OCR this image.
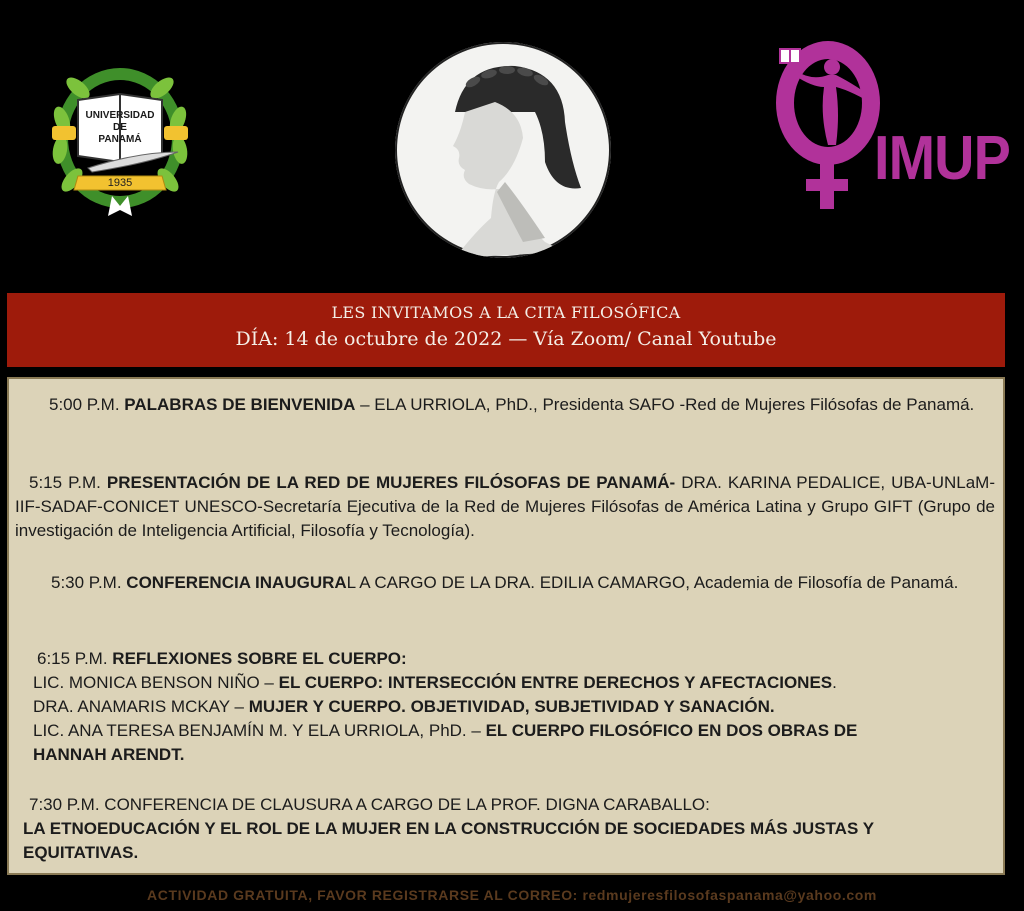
UNIVERSIDAD
DE
PANAMÁ
1935	IMUP
LES INVITAMOS A LA CITA FILOSÓFICA
DÍA: 14 de octubre de 2022 — Vía Zoom/ Canal Youtube

5:00 P.M. PALABRAS DE BIENVENIDA – ELA URRIOLA, PhD., Presidenta SAFO -Red de Mujeres Filósofas de Panamá.

5:15 P.M. PRESENTACIÓN DE LA RED DE MUJERES FILÓSOFAS DE PANAMÁ- DRA. KARINA PEDALICE, UBA-UNLaM-IIF-SADAF-CONICET UNESCO-Secretaría Ejecutiva de la Red de Mujeres Filósofas de América Latina y Grupo GIFT (Grupo de investigación de Inteligencia Artificial, Filosofía y Tecnología).

5:30 P.M. CONFERENCIA INAUGURAL A CARGO DE LA DRA. EDILIA CAMARGO, Academia de Filosofía de Panamá.

6:15 P.M. REFLEXIONES SOBRE EL CUERPO:

LIC. MONICA BENSON NIÑO – EL CUERPO: INTERSECCIÓN ENTRE DERECHOS Y AFECTACIONES.

DRA. ANAMARIS MCKAY – MUJER Y CUERPO. OBJETIVIDAD, SUBJETIVIDAD Y SANACIÓN.

LIC. ANA TERESA BENJAMÍN M. Y ELA URRIOLA, PhD. – EL CUERPO FILOSÓFICO EN DOS OBRAS DE HANNAH ARENDT.

7:30 P.M. CONFERENCIA DE CLAUSURA A CARGO DE LA PROF. DIGNA CARABALLO:

LA ETNOEDUCACIÓN Y EL ROL DE LA MUJER EN LA CONSTRUCCIÓN DE SOCIEDADES MÁS JUSTAS Y EQUITATIVAS.

ACTIVIDAD GRATUITA, FAVOR REGISTRARSE AL CORREO: redmujeresfilosofaspanama@yahoo.com
